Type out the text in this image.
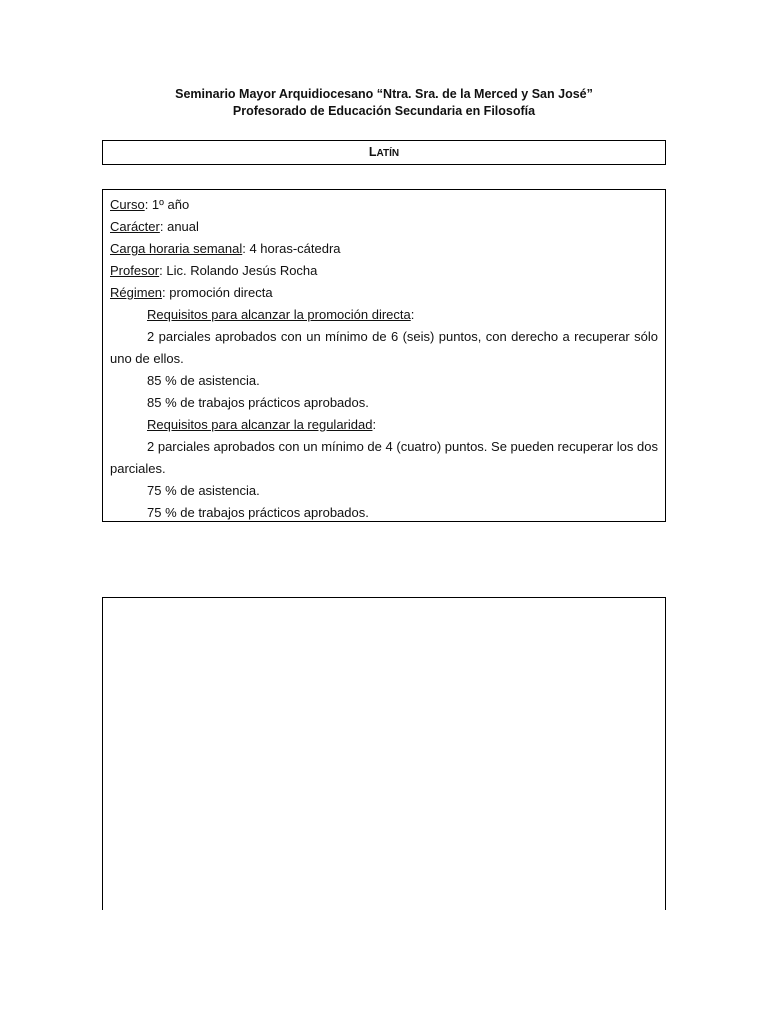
Seminario Mayor Arquidiocesano “Ntra. Sra. de la Merced y San José”
Profesorado de Educación Secundaria en Filosofía
LATÍN

Curso: 1º año

Carácter: anual

Carga horaria semanal: 4 horas-cátedra

Profesor: Lic. Rolando Jesús Rocha

Régimen: promoción directa

Requisitos para alcanzar la promoción directa:

2 parciales aprobados con un mínimo de 6 (seis) puntos, con derecho a recuperar sólo uno de ellos.

85 % de asistencia.

85 % de trabajos prácticos aprobados.

Requisitos para alcanzar la regularidad:

2 parciales aprobados con un mínimo de 4 (cuatro) puntos. Se pueden recuperar los dos parciales.

75 % de asistencia.

75 % de trabajos prácticos aprobados.
